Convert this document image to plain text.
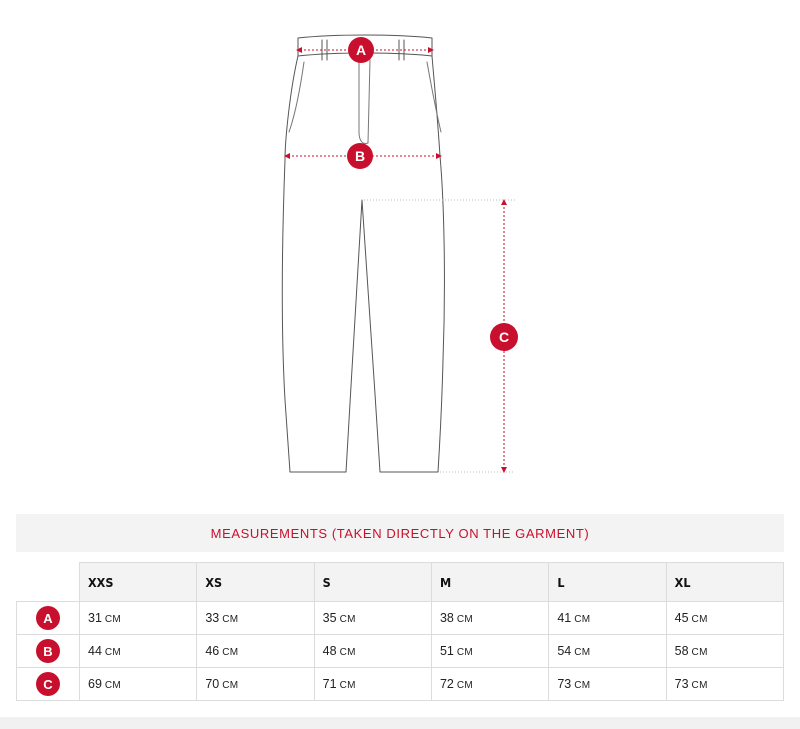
A
B
C
MEASUREMENTS (TAKEN DIRECTLY ON THE GARMENT)
	XXS	XS	S	M	L	XL
A	31 CM	33 CM	35 CM	38 CM	41 CM	45 CM
B	44 CM	46 CM	48 CM	51 CM	54 CM	58 CM
C	69 CM	70 CM	71 CM	72 CM	73 CM	73 CM
